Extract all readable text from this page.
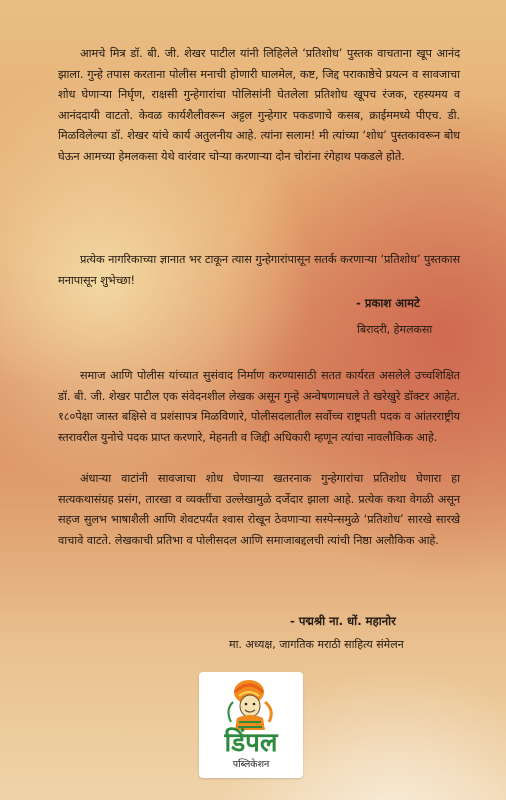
आमचे मित्र डॉ. बी. जी. शेखर पाटील यांनी लिहिलेले ‘प्रतिशोध’ पुस्तक वाचताना खूप आनंद झाला. गुन्हे तपास करताना पोलीस मनाची होणारी घालमेल, कष्ट, जिद्द पराकाष्ठेचे प्रयत्न व सावजाचा शोध घेणाऱ्या निर्घृण, राक्षसी गुन्हेगारांचा पोलिसांनी घेतलेला प्रतिशोध खूपच रंजक, रहस्यमय व आनंददायी वाटतो. केवळ कार्यशैलीवरून अट्टल गुन्हेगार पकडणाचे कसब, क्राईममध्ये पीएच. डी. मिळविलेल्या डॉ. शेखर यांचे कार्य अतुलनीय आहे. त्यांना सलाम! मी त्यांच्या ‘शोध’ पुस्तकावरून बोध घेऊन आमच्या हेमलकसा येथे वारंवार चोऱ्या करणाऱ्या दोन चोरांना रंगेहाथ पकडले होते.

प्रत्येक नागरिकाच्या ज्ञानात भर टाकून त्यास गुन्हेगारांपासून सतर्क करणाऱ्या ‘प्रतिशोध’ पुस्तकास मनापासून शुभेच्छा!

- प्रकाश आमटे

बिरादरी, हेमलकसा

समाज आणि पोलीस यांच्यात सुसंवाद निर्माण करण्यासाठी सतत कार्यरत असलेले उच्चशिक्षित डॉ. बी. जी. शेखर पाटील एक संवेदनशील लेखक असून गुन्हे अन्वेषणामधले ते खरेखुरे डॉक्टर आहेत. १८०पेक्षा जास्त बक्षिसे व प्रशंसापत्र मिळविणारे, पोलीसदलातील सर्वोच्च राष्ट्रपती पदक व आंतरराष्ट्रीय स्तरावरील युनोचे पदक प्राप्त करणारे, मेहनती व जिद्दी अधिकारी म्हणून त्यांचा नावलौकिक आहे.

अंधाऱ्या वाटांनी सावजाचा शोध घेणाऱ्या खतरनाक गुन्हेगारांचा प्रतिशोध घेणारा हा सत्यकथासंग्रह प्रसंग, तारखा व व्यक्तींचा उल्लेखामुळे दर्जेदार झाला आहे. प्रत्येक कथा वेगळी असून सहज सुलभ भाषाशैली आणि शेवटपर्यंत श्वास रोखून ठेवणाऱ्या सस्पेन्समुळे ‘प्रतिशोध’ सारखे सारखे वाचावे वाटते. लेखकाची प्रतिभा व पोलीसदल आणि समाजाबद्दलची त्यांची निष्ठा अलौकिक आहे.

- पद्मश्री ना. धों. महानोर

मा. अध्यक्ष, जागतिक मराठी साहित्य संमेलन

डिंपल
पब्लिकेशन
